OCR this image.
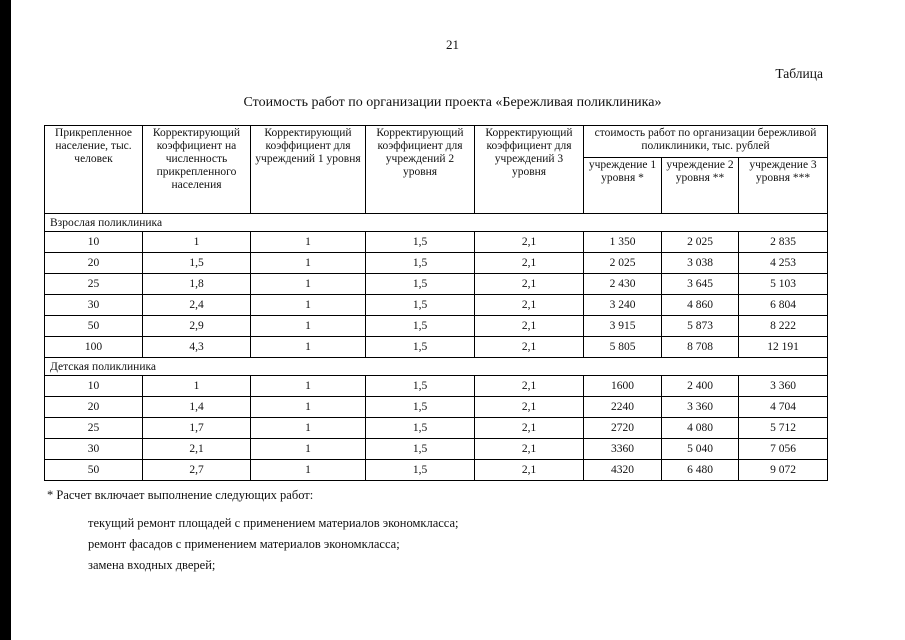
21
Таблица
Стоимость работ по организации проекта «Бережливая поликлиника»
Прикрепленное население, тыс. человек	Корректирующий коэффициент на численность прикрепленного населения	Корректирующий коэффициент для учреждений 1 уровня	Корректирующий коэффициент для учреждений 2 уровня	Корректирующий коэффициент для учреждений 3 уровня	стоимость работ по организации бережливой поликлиники, тыс. рублей		
					учреждение 1 уровня *	учреждение 2 уровня **	учреждение 3 уровня ***
Взрослая поликлиника							
10	1	1	1,5	2,1	1 350	2 025	2 835
20	1,5	1	1,5	2,1	2 025	3 038	4 253
25	1,8	1	1,5	2,1	2 430	3 645	5 103
30	2,4	1	1,5	2,1	3 240	4 860	6 804
50	2,9	1	1,5	2,1	3 915	5 873	8 222
100	4,3	1	1,5	2,1	5 805	8 708	12 191
Детская поликлиника							
10	1	1	1,5	2,1	1600	2 400	3 360
20	1,4	1	1,5	2,1	2240	3 360	4 704
25	1,7	1	1,5	2,1	2720	4 080	5 712
30	2,1	1	1,5	2,1	3360	5 040	7 056
50	2,7	1	1,5	2,1	4320	6 480	9 072
* Расчет включает выполнение следующих работ:
текущий ремонт площадей с применением материалов экономкласса;
ремонт фасадов с применением материалов экономкласса;
замена входных дверей;
